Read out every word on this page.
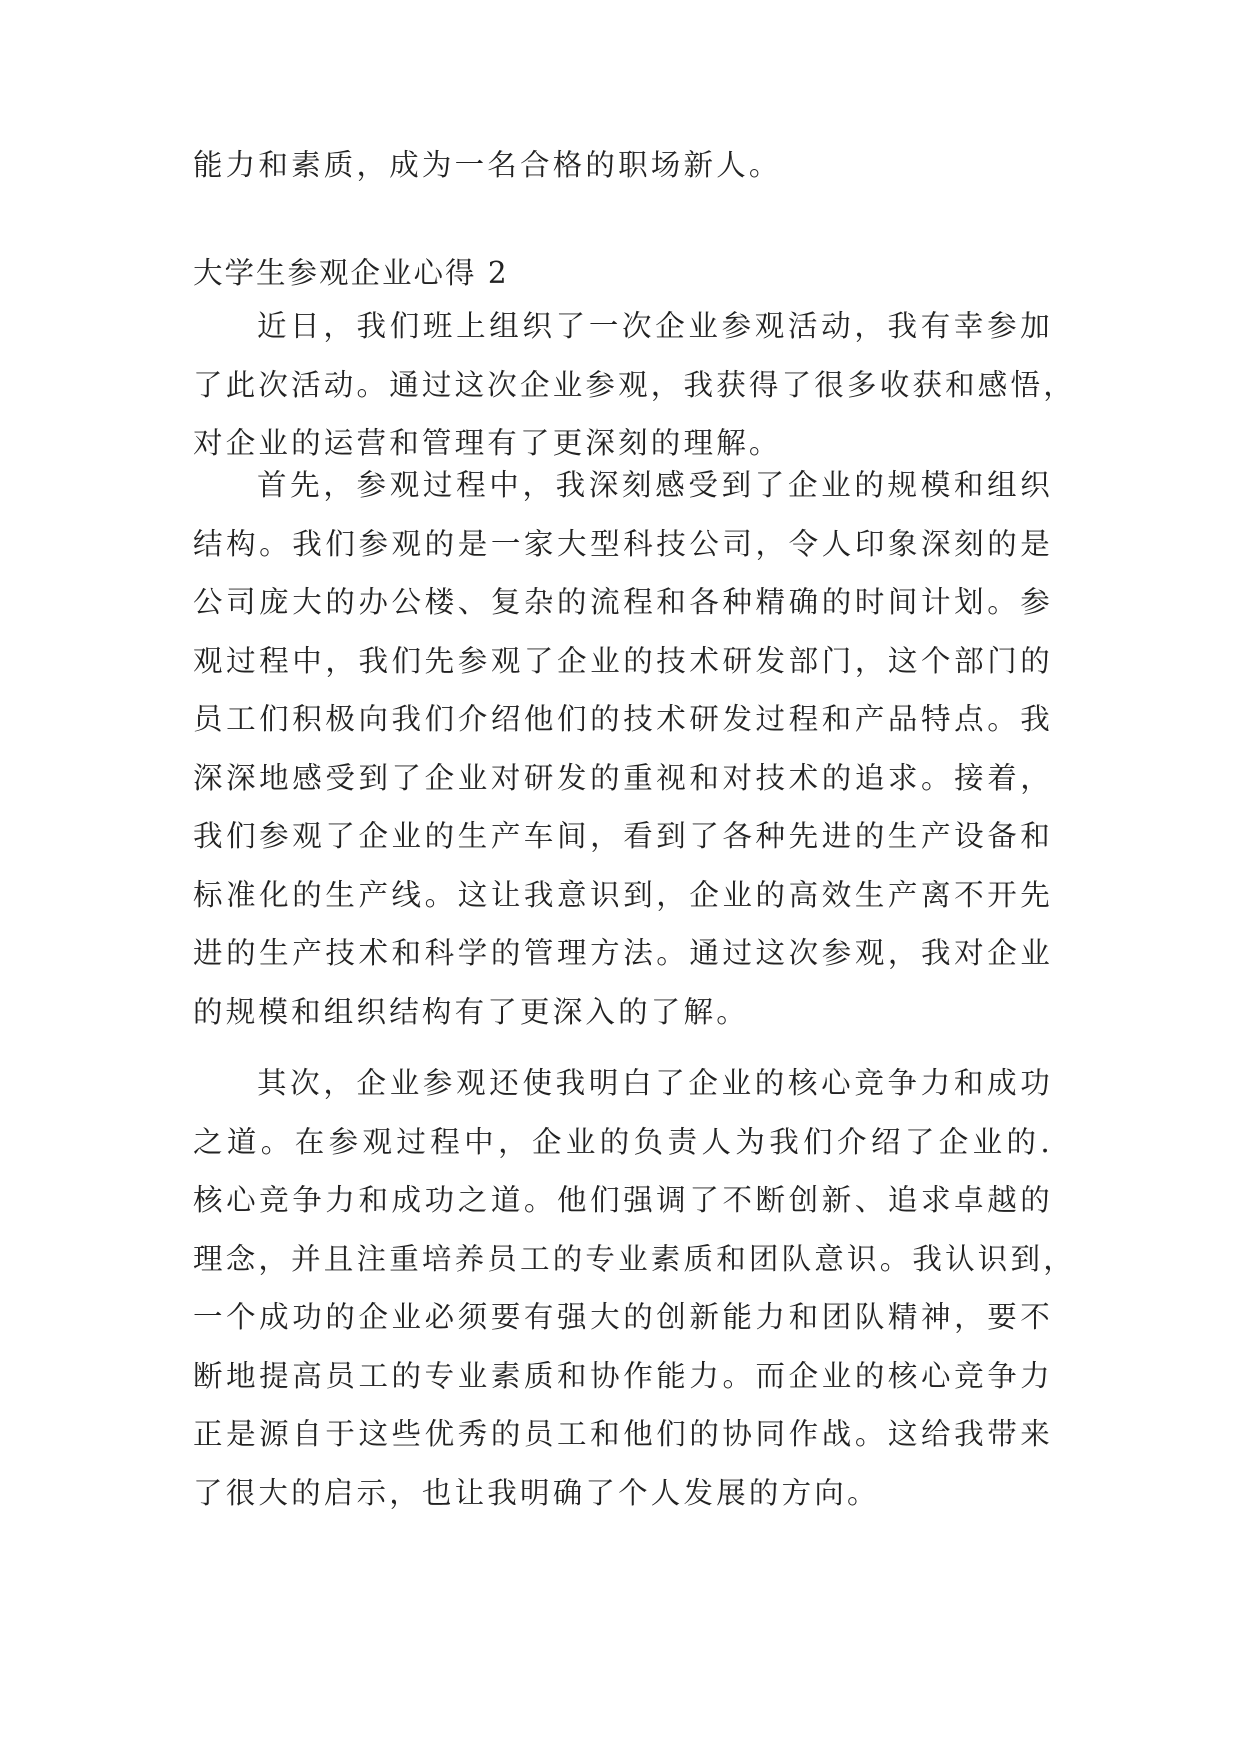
能力和素质，成为一名合格的职场新人。
大学生参观企业心得 2
近日，我们班上组织了一次企业参观活动，我有幸参加
了此次活动。通过这次企业参观，我获得了很多收获和感悟，
对企业的运营和管理有了更深刻的理解。
首先，参观过程中，我深刻感受到了企业的规模和组织
结构。我们参观的是一家大型科技公司，令人印象深刻的是
公司庞大的办公楼、复杂的流程和各种精确的时间计划。参
观过程中，我们先参观了企业的技术研发部门，这个部门的
员工们积极向我们介绍他们的技术研发过程和产品特点。我
深深地感受到了企业对研发的重视和对技术的追求。接着，
我们参观了企业的生产车间，看到了各种先进的生产设备和
标准化的生产线。这让我意识到，企业的高效生产离不开先
进的生产技术和科学的管理方法。通过这次参观，我对企业
的规模和组织结构有了更深入的了解。
其次，企业参观还使我明白了企业的核心竞争力和成功
之道。在参观过程中，企业的负责人为我们介绍了企业的.
核心竞争力和成功之道。他们强调了不断创新、追求卓越的
理念，并且注重培养员工的专业素质和团队意识。我认识到，
一个成功的企业必须要有强大的创新能力和团队精神，要不
断地提高员工的专业素质和协作能力。而企业的核心竞争力
正是源自于这些优秀的员工和他们的协同作战。这给我带来
了很大的启示，也让我明确了个人发展的方向。
